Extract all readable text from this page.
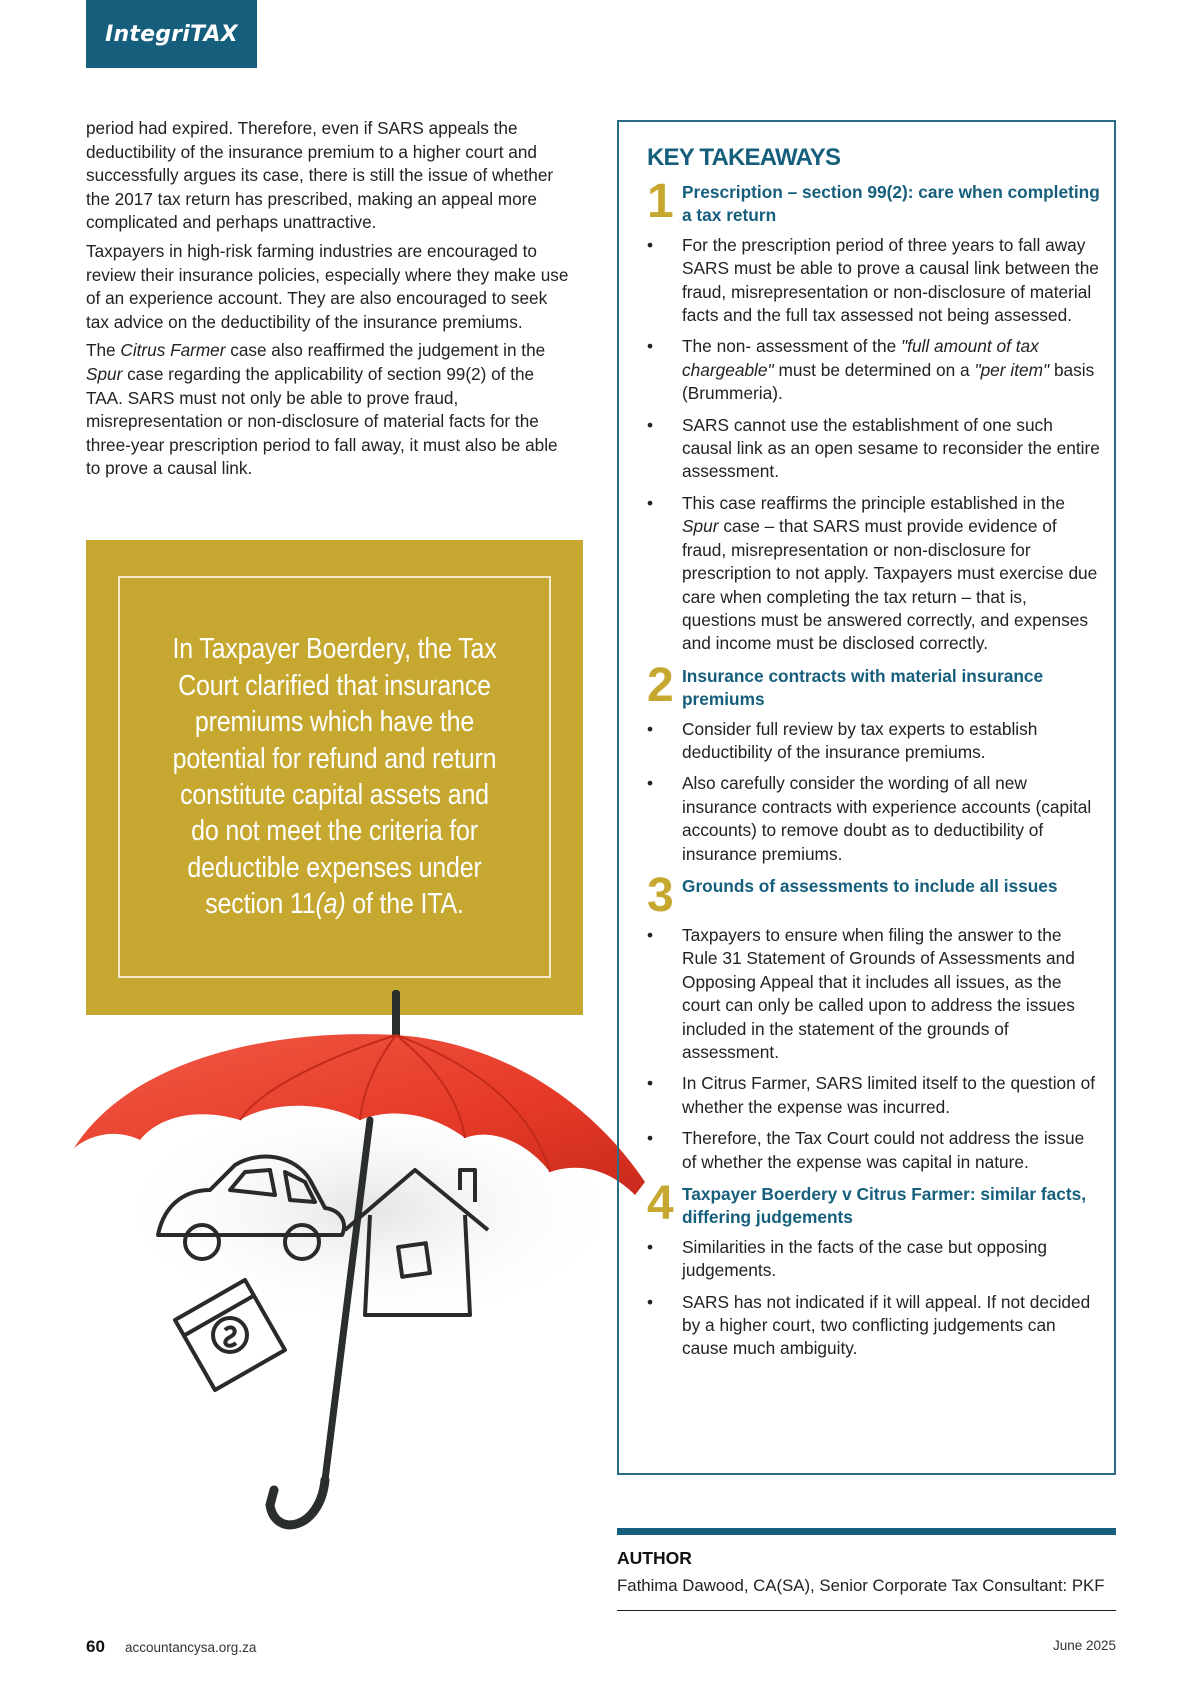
IntegriTAX

period had expired. Therefore, even if SARS appeals the deductibility of the insurance premium to a higher court and successfully argues its case, there is still the issue of whether the 2017 tax return has prescribed, making an appeal more complicated and perhaps unattractive.

Taxpayers in high-risk farming industries are encouraged to review their insurance policies, especially where they make use of an experience account. They are also encouraged to seek tax advice on the deductibility of the insurance premiums.

The Citrus Farmer case also reaffirmed the judgement in the Spur case regarding the applicability of section 99(2) of the TAA. SARS must not only be able to prove fraud, misrepresentation or non-disclosure of material facts for the three-year prescription period to fall away, it must also be able to prove a causal link.

In Taxpayer Boerdery, the Tax Court clarified that insurance premiums which have the potential for refund and return constitute capital assets and do not meet the criteria for deductible expenses under section 11(a) of the ITA.
KEY TAKEAWAYS
1 Prescription – section 99(2): care when completing a tax return
• For the prescription period of three years to fall away SARS must be able to prove a causal link between the fraud, misrepresentation or non-disclosure of material facts and the full tax assessed not being assessed.
• The non- assessment of the "full amount of tax chargeable" must be determined on a "per item" basis (Brummeria).
• SARS cannot use the establishment of one such causal link as an open sesame to reconsider the entire assessment.
• This case reaffirms the principle established in the Spur case – that SARS must provide evidence of fraud, misrepresentation or non-disclosure for prescription to not apply. Taxpayers must exercise due care when completing the tax return – that is, questions must be answered correctly, and expenses and income must be disclosed correctly.
2 Insurance contracts with material insurance premiums
• Consider full review by tax experts to establish deductibility of the insurance premiums.
• Also carefully consider the wording of all new insurance contracts with experience accounts (capital accounts) to remove doubt as to deductibility of insurance premiums.
3 Grounds of assessments to include all issues
• Taxpayers to ensure when filing the answer to the Rule 31 Statement of Grounds of Assessments and Opposing Appeal that it includes all issues, as the court can only be called upon to address the issues included in the statement of the grounds of assessment.
• In Citrus Farmer, SARS limited itself to the question of whether the expense was incurred.
• Therefore, the Tax Court could not address the issue of whether the expense was capital in nature.
4 Taxpayer Boerdery v Citrus Farmer: similar facts, differing judgements
• Similarities in the facts of the case but opposing judgements.
• SARS has not indicated if it will appeal. If not decided by a higher court, two conflicting judgements can cause much ambiguity.
AUTHOR
Fathima Dawood, CA(SA), Senior Corporate Tax Consultant: PKF
60 accountancysa.org.za	June 2025
